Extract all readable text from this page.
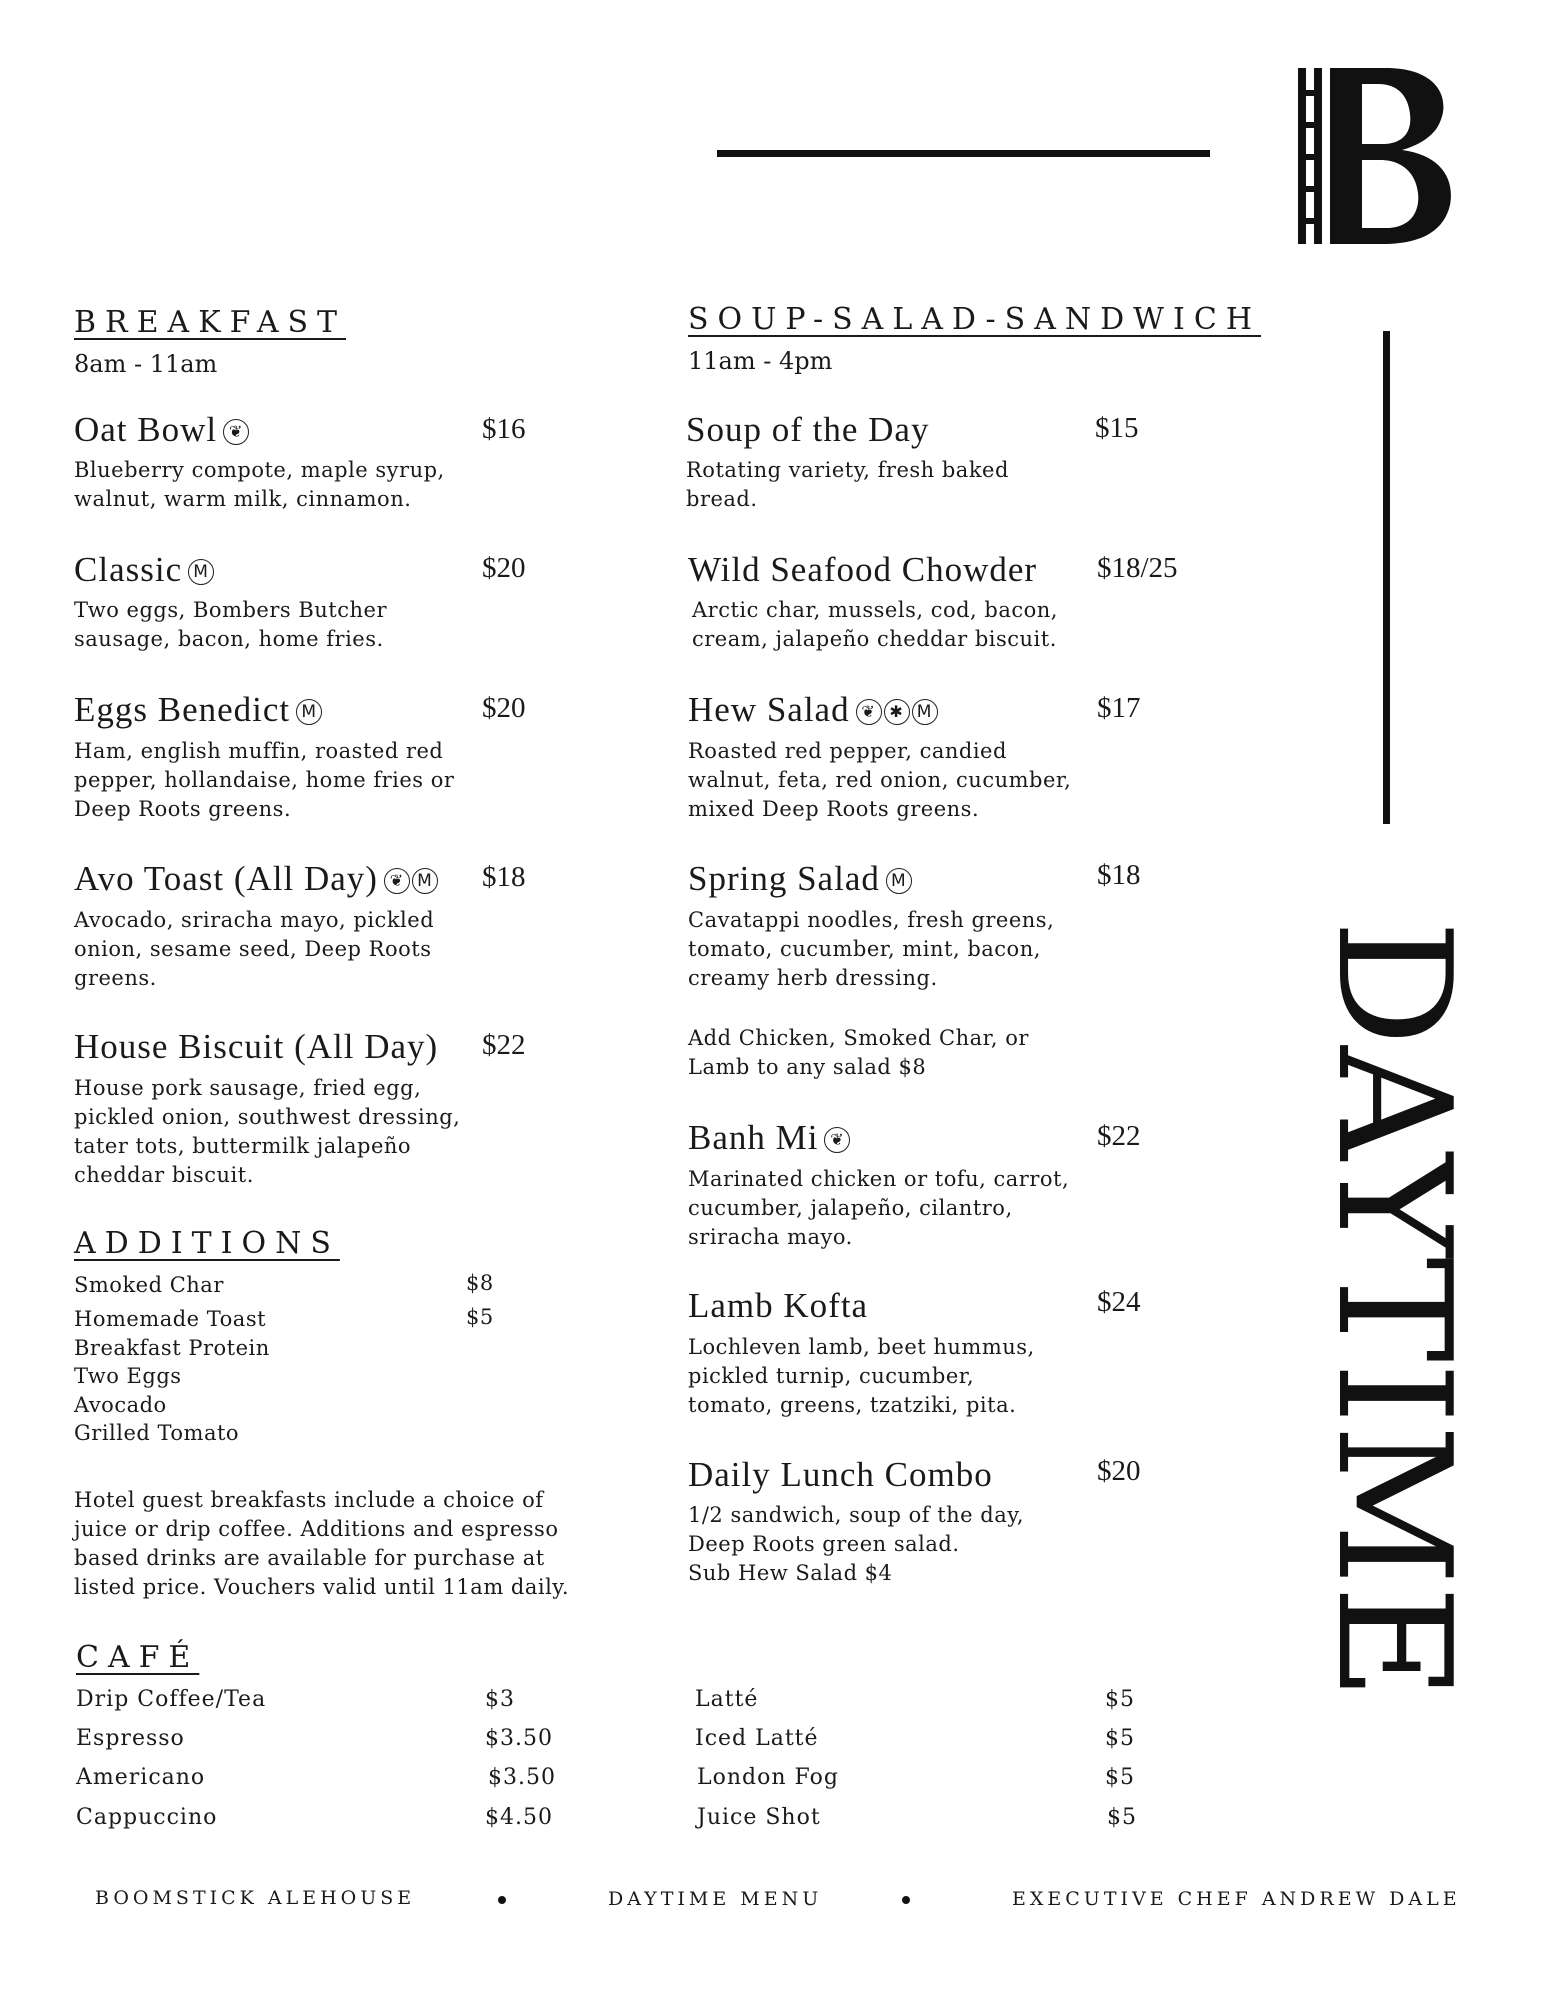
DAYTIME
BREAKFAST
8am - 11am
Oat Bowl ❦	$16
Blueberry compote, maple syrup,
walnut, warm milk, cinnamon.
Classic M	$20
Two eggs, Bombers Butcher
sausage, bacon, home fries.
Eggs Benedict M	$20
Ham, english muffin, roasted red
pepper, hollandaise, home fries or
Deep Roots greens.
Avo Toast (All Day) ❦ M $18
Avocado, sriracha mayo, pickled
onion, sesame seed, Deep Roots
greens.
House Biscuit (All Day) $22
House pork sausage, fried egg,
pickled onion, southwest dressing,
tater tots, buttermilk jalapeño
cheddar biscuit.
ADDITIONS
Smoked Char	$8
Homemade Toast	$5
Breakfast Protein
Two Eggs
Avocado
Grilled Tomato
Hotel guest breakfasts include a choice of
juice or drip coffee. Additions and espresso
based drinks are available for purchase at
listed price. Vouchers valid until 11am daily.
SOUP-SALAD-SANDWICH
11am - 4pm
Soup of the Day	$15
Rotating variety, fresh baked
bread.
Wild Seafood Chowder $18/25
Arctic char, mussels, cod, bacon,
cream, jalapeño cheddar biscuit.
Hew Salad ❦ ✱ M	$17
Roasted red pepper, candied
walnut, feta, red onion, cucumber,
mixed Deep Roots greens.
Spring Salad M	$18
Cavatappi noodles, fresh greens,
tomato, cucumber, mint, bacon,
creamy herb dressing.
Add Chicken, Smoked Char, or
Lamb to any salad $8
Banh Mi ❦	$22
Marinated chicken or tofu, carrot,
cucumber, jalapeño, cilantro,
sriracha mayo.
Lamb Kofta	$24
Lochleven lamb, beet hummus,
pickled turnip, cucumber,
tomato, greens, tzatziki, pita.
Daily Lunch Combo	$20
1/2 sandwich, soup of the day,
Deep Roots green salad.
Sub Hew Salad $4
CAFÉ
Drip Coffee/Tea	$3
Espresso	$3.50
Americano	$3.50
Cappuccino	$4.50
Latté	$5
Iced Latté	$5
London Fog	$5
Juice Shot	$5
BOOMSTICK ALEHOUSE	DAYTIME MENU	EXECUTIVE CHEF ANDREW DALE
